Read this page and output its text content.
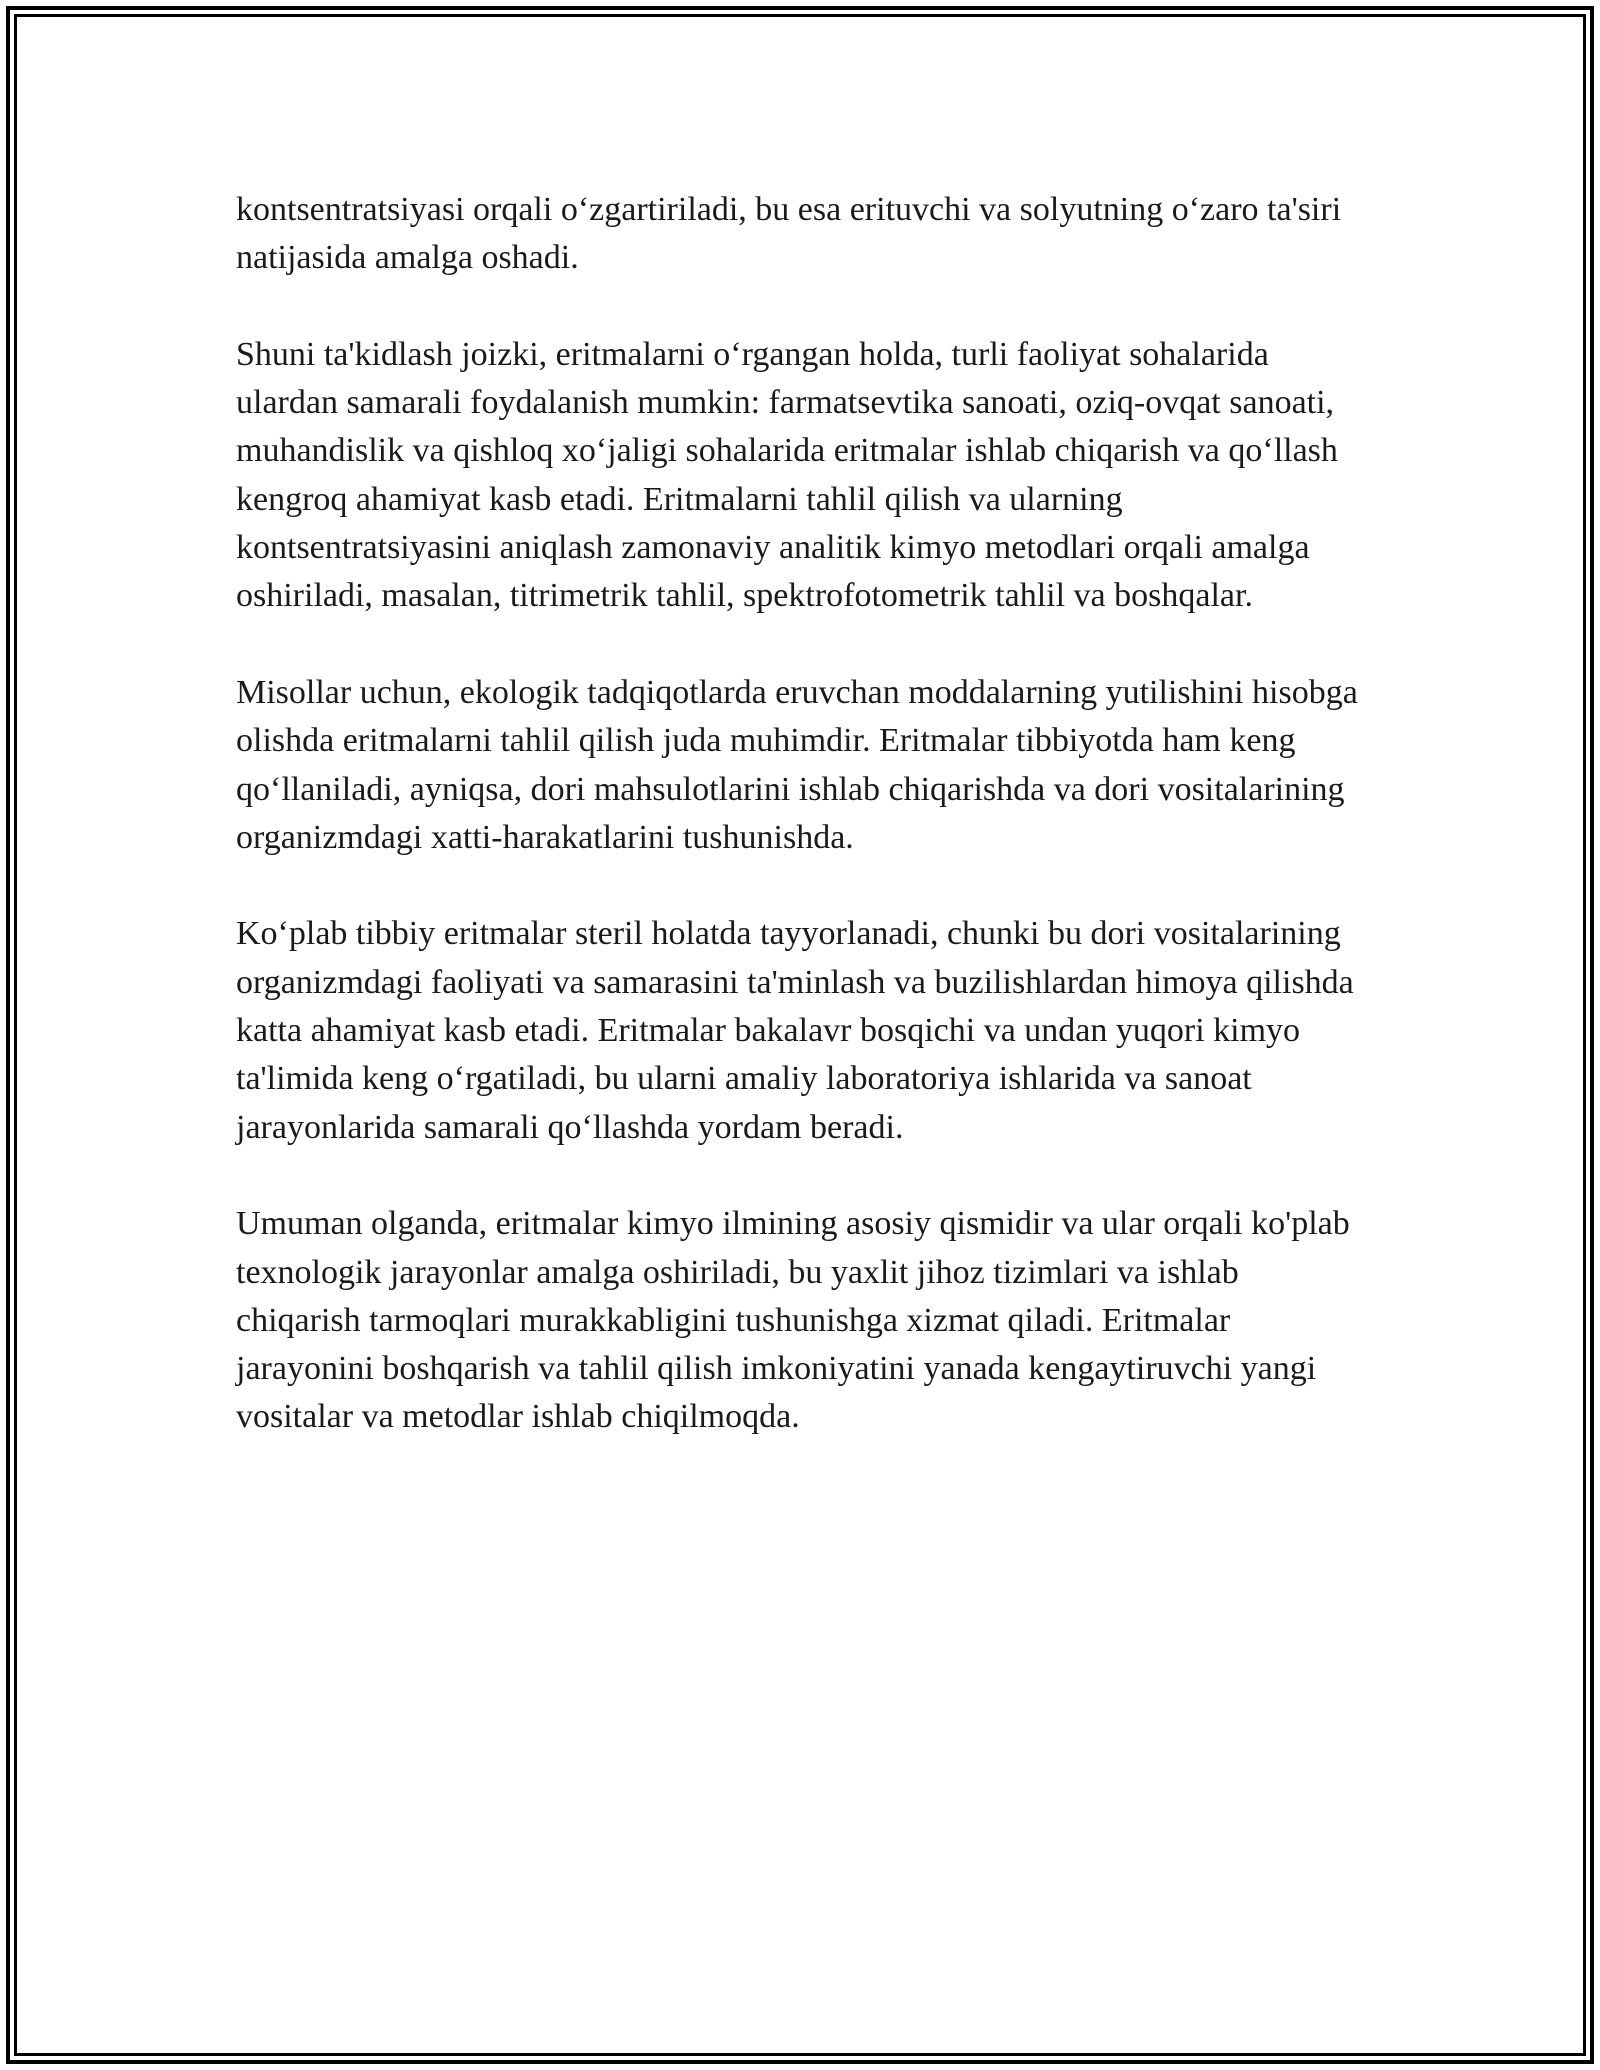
kontsentratsiyasi orqali o‘zgartiriladi, bu esa erituvchi va solyutning o‘zaro ta'siri natijasida amalga oshadi.

Shuni ta'kidlash joizki, eritmalarni o‘rgangan holda, turli faoliyat sohalarida ulardan samarali foydalanish mumkin: farmatsevtika sanoati, oziq-ovqat sanoati, muhandislik va qishloq xo‘jaligi sohalarida eritmalar ishlab chiqarish va qo‘llash kengroq ahamiyat kasb etadi. Eritmalarni tahlil qilish va ularning kontsentratsiyasini aniqlash zamonaviy analitik kimyo metodlari orqali amalga oshiriladi, masalan, titrimetrik tahlil, spektrofotometrik tahlil va boshqalar.

Misollar uchun, ekologik tadqiqotlarda eruvchan moddalarning yutilishini hisobga olishda eritmalarni tahlil qilish juda muhimdir. Eritmalar tibbiyotda ham keng qo‘llaniladi, ayniqsa, dori mahsulotlarini ishlab chiqarishda va dori vositalarining organizmdagi xatti-harakatlarini tushunishda.

Ko‘plab tibbiy eritmalar steril holatda tayyorlanadi, chunki bu dori vositalarining organizmdagi faoliyati va samarasini ta'minlash va buzilishlardan himoya qilishda katta ahamiyat kasb etadi. Eritmalar bakalavr bosqichi va undan yuqori kimyo ta'limida keng o‘rgatiladi, bu ularni amaliy laboratoriya ishlarida va sanoat jarayonlarida samarali qo‘llashda yordam beradi.

Umuman olganda, eritmalar kimyo ilmining asosiy qismidir va ular orqali ko'plab texnologik jarayonlar amalga oshiriladi, bu yaxlit jihoz tizimlari va ishlab chiqarish tarmoqlari murakkabligini tushunishga xizmat qiladi. Eritmalar jarayonini boshqarish va tahlil qilish imkoniyatini yanada kengaytiruvchi yangi vositalar va metodlar ishlab chiqilmoqda.
